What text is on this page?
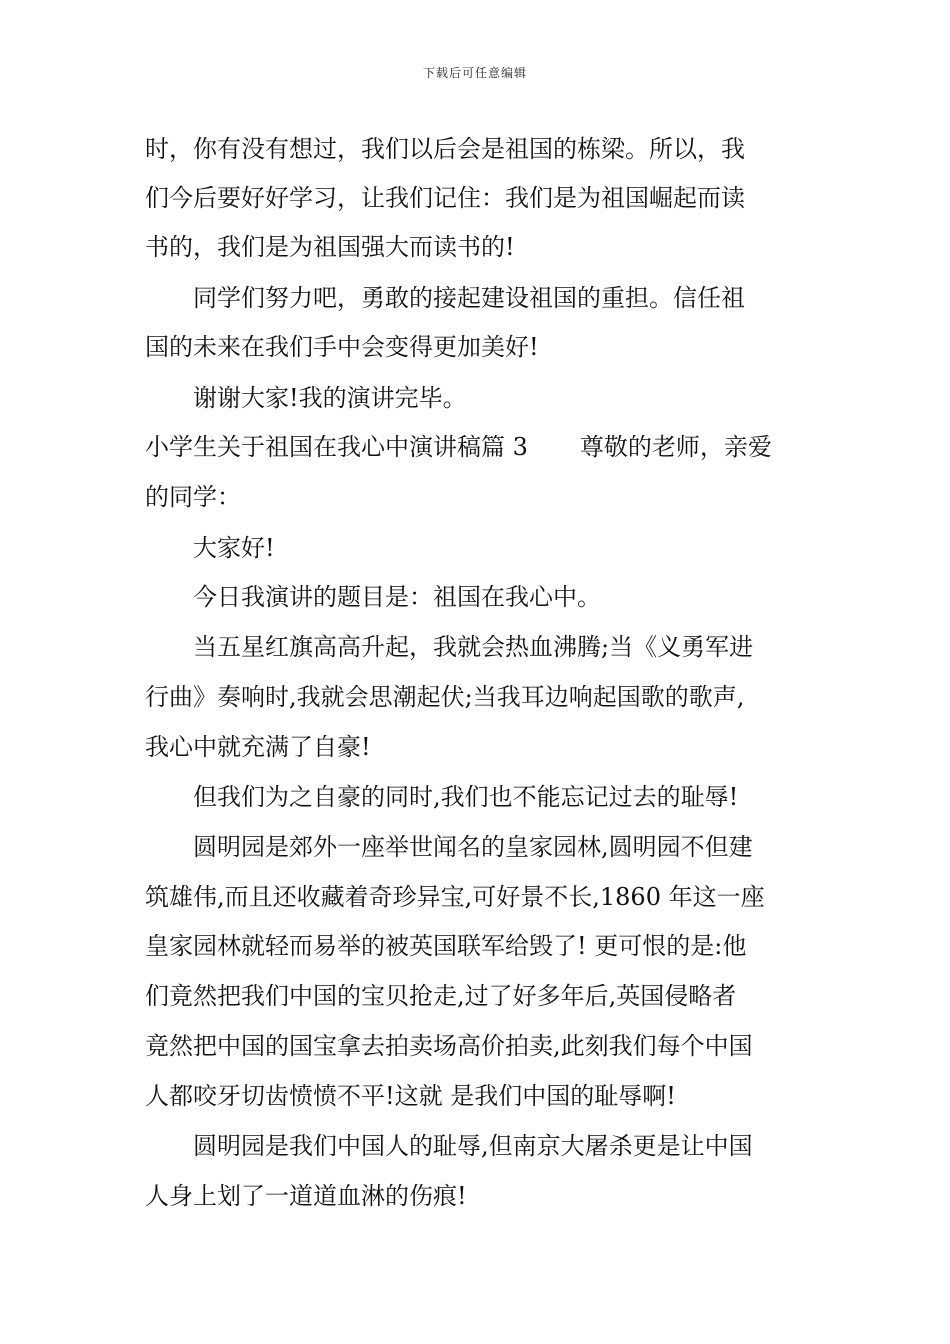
下载后可任意编辑
时，你有没有想过，我们以后会是祖国的栋梁。所以，我
们今后要好好学习，让我们记住：我们是为祖国崛起而读
书的，我们是为祖国强大而读书的!
同学们努力吧，勇敢的接起建设祖国的重担。信任祖
国的未来在我们手中会变得更加美好!
谢谢大家!我的演讲完毕。
小学生关于祖国在我心中演讲稿篇 3 尊敬的老师，亲爱
的同学：
大家好!
今日我演讲的题目是：祖国在我心中。
当五星红旗高高升起，我就会热血沸腾;当《义勇军进
行曲》奏响时,我就会思潮起伏;当我耳边响起国歌的歌声,
我心中就充满了自豪!
但我们为之自豪的同时,我们也不能忘记过去的耻辱!
圆明园是郊外一座举世闻名的皇家园林,圆明园不但建
筑雄伟,而且还收藏着奇珍异宝,可好景不长,1860 年这一座
皇家园林就轻而易举的被英国联军给毁了! 更可恨的是:他
们竟然把我们中国的宝贝抢走,过了好多年后,英国侵略者
竟然把中国的国宝拿去拍卖场高价拍卖,此刻我们每个中国
人都咬牙切齿愤愤不平!这就 是我们中国的耻辱啊!
圆明园是我们中国人的耻辱,但南京大屠杀更是让中国
人身上划了一道道血淋的伤痕!
